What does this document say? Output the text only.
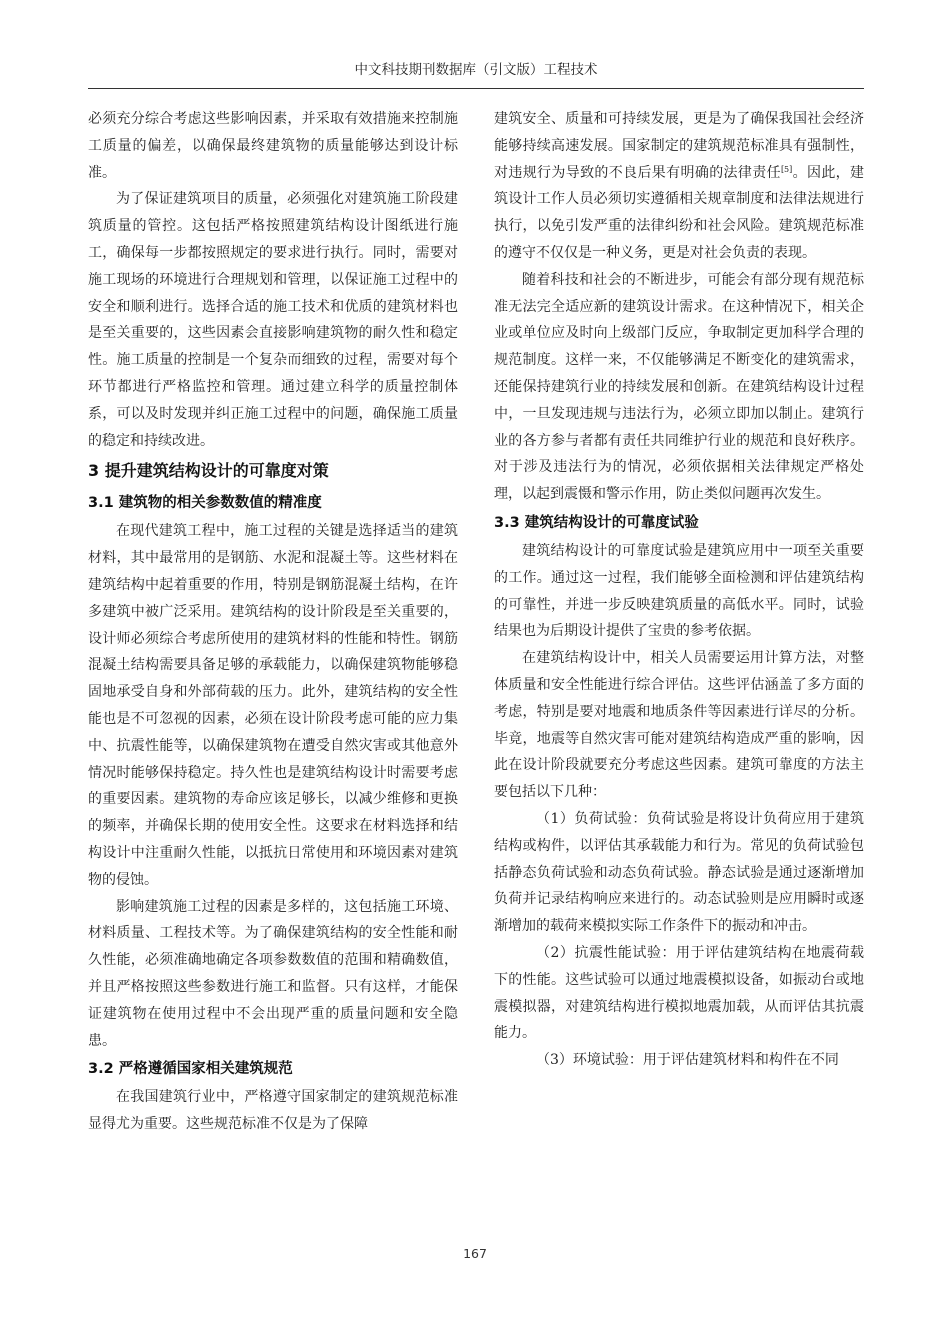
中文科技期刊数据库（引文版）工程技术

必须充分综合考虑这些影响因素，并采取有效措施来控制施工质量的偏差，以确保最终建筑物的质量能够达到设计标准。

为了保证建筑项目的质量，必须强化对建筑施工阶段建筑质量的管控。这包括严格按照建筑结构设计图纸进行施工，确保每一步都按照规定的要求进行执行。同时，需要对施工现场的环境进行合理规划和管理，以保证施工过程中的安全和顺利进行。选择合适的施工技术和优质的建筑材料也是至关重要的，这些因素会直接影响建筑物的耐久性和稳定性。施工质量的控制是一个复杂而细致的过程，需要对每个环节都进行严格监控和管理。通过建立科学的质量控制体系，可以及时发现并纠正施工过程中的问题，确保施工质量的稳定和持续改进。

3 提升建筑结构设计的可靠度对策
3.1 建筑物的相关参数数值的精准度

在现代建筑工程中，施工过程的关键是选择适当的建筑材料，其中最常用的是钢筋、水泥和混凝土等。这些材料在建筑结构中起着重要的作用，特别是钢筋混凝土结构，在许多建筑中被广泛采用。建筑结构的设计阶段是至关重要的，设计师必须综合考虑所使用的建筑材料的性能和特性。钢筋混凝土结构需要具备足够的承载能力，以确保建筑物能够稳固地承受自身和外部荷载的压力。此外，建筑结构的安全性能也是不可忽视的因素，必须在设计阶段考虑可能的应力集中、抗震性能等，以确保建筑物在遭受自然灾害或其他意外情况时能够保持稳定。持久性也是建筑结构设计时需要考虑的重要因素。建筑物的寿命应该足够长，以减少维修和更换的频率，并确保长期的使用安全性。这要求在材料选择和结构设计中注重耐久性能，以抵抗日常使用和环境因素对建筑物的侵蚀。

影响建筑施工过程的因素是多样的，这包括施工环境、材料质量、工程技术等。为了确保建筑结构的安全性能和耐久性能，必须准确地确定各项参数数值的范围和精确数值，并且严格按照这些参数进行施工和监督。只有这样，才能保证建筑物在使用过程中不会出现严重的质量问题和安全隐患。

3.2 严格遵循国家相关建筑规范

在我国建筑行业中，严格遵守国家制定的建筑规范标准显得尤为重要。这些规范标准不仅是为了保障

建筑安全、质量和可持续发展，更是为了确保我国社会经济能够持续高速发展。国家制定的建筑规范标准具有强制性，对违规行为导致的不良后果有明确的法律责任[5]。因此，建筑设计工作人员必须切实遵循相关规章制度和法律法规进行执行，以免引发严重的法律纠纷和社会风险。建筑规范标准的遵守不仅仅是一种义务，更是对社会负责的表现。

随着科技和社会的不断进步，可能会有部分现有规范标准无法完全适应新的建筑设计需求。在这种情况下，相关企业或单位应及时向上级部门反应，争取制定更加科学合理的规范制度。这样一来，不仅能够满足不断变化的建筑需求，还能保持建筑行业的持续发展和创新。在建筑结构设计过程中，一旦发现违规与违法行为，必须立即加以制止。建筑行业的各方参与者都有责任共同维护行业的规范和良好秩序。对于涉及违法行为的情况，必须依据相关法律规定严格处理，以起到震慑和警示作用，防止类似问题再次发生。

3.3 建筑结构设计的可靠度试验

建筑结构设计的可靠度试验是建筑应用中一项至关重要的工作。通过这一过程，我们能够全面检测和评估建筑结构的可靠性，并进一步反映建筑质量的高低水平。同时，试验结果也为后期设计提供了宝贵的参考依据。

在建筑结构设计中，相关人员需要运用计算方法，对整体质量和安全性能进行综合评估。这些评估涵盖了多方面的考虑，特别是要对地震和地质条件等因素进行详尽的分析。毕竟，地震等自然灾害可能对建筑结构造成严重的影响，因此在设计阶段就要充分考虑这些因素。建筑可靠度的方法主要包括以下几种：

（1）负荷试验：负荷试验是将设计负荷应用于建筑结构或构件，以评估其承载能力和行为。常见的负荷试验包括静态负荷试验和动态负荷试验。静态试验是通过逐渐增加负荷并记录结构响应来进行的。动态试验则是应用瞬时或逐渐增加的载荷来模拟实际工作条件下的振动和冲击。

（2）抗震性能试验：用于评估建筑结构在地震荷载下的性能。这些试验可以通过地震模拟设备，如振动台或地震模拟器，对建筑结构进行模拟地震加载，从而评估其抗震能力。

（3）环境试验：用于评估建筑材料和构件在不同

167
